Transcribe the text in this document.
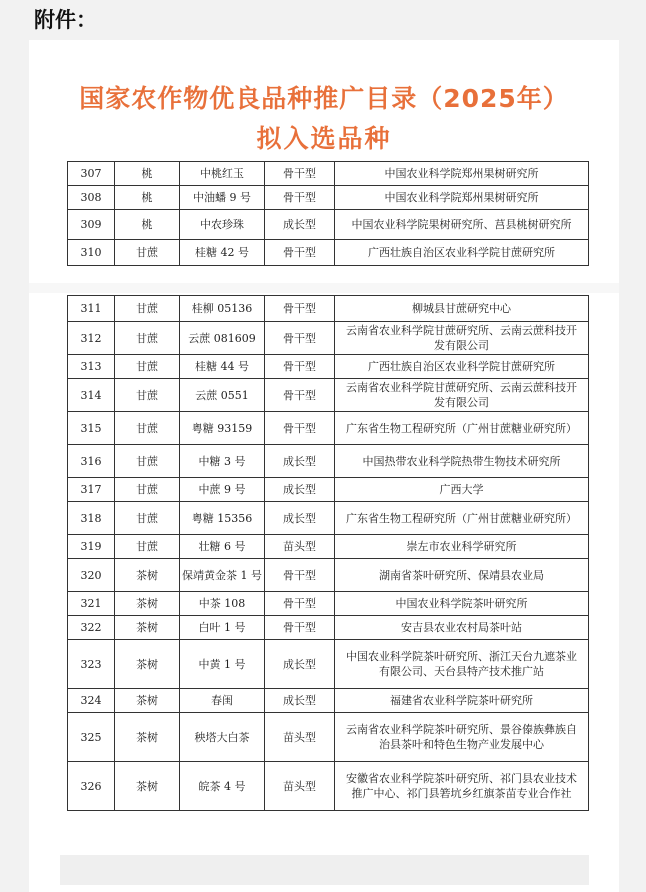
附件：
国家农作物优良品种推广目录（2025年）
拟入选品种
307	桃	中桃红玉	骨干型	中国农业科学院郑州果树研究所
308	桃	中油蟠 9 号	骨干型	中国农业科学院郑州果树研究所
309	桃	中农珍珠	成长型	中国农业科学院果树研究所、莒县桃树研究所
310	甘蔗	桂糖 42 号	骨干型	广西壮族自治区农业科学院甘蔗研究所
311	甘蔗	桂柳 05136	骨干型	柳城县甘蔗研究中心
312	甘蔗	云蔗 081609	骨干型	云南省农业科学院甘蔗研究所、云南云蔗科技开发有限公司
313	甘蔗	桂糖 44 号	骨干型	广西壮族自治区农业科学院甘蔗研究所
314	甘蔗	云蔗 0551	骨干型	云南省农业科学院甘蔗研究所、云南云蔗科技开发有限公司
315	甘蔗	粤糖 93159	骨干型	广东省生物工程研究所（广州甘蔗糖业研究所）
316	甘蔗	中糖 3 号	成长型	中国热带农业科学院热带生物技术研究所
317	甘蔗	中蔗 9 号	成长型	广西大学
318	甘蔗	粤糖 15356	成长型	广东省生物工程研究所（广州甘蔗糖业研究所）
319	甘蔗	壮糖 6 号	苗头型	崇左市农业科学研究所
320	茶树	保靖黄金茶 1 号	骨干型	湖南省茶叶研究所、保靖县农业局
321	茶树	中茶 108	骨干型	中国农业科学院茶叶研究所
322	茶树	白叶 1 号	骨干型	安吉县农业农村局茶叶站
323	茶树	中黄 1 号	成长型	中国农业科学院茶叶研究所、浙江天台九遮茶业有限公司、天台县特产技术推广站
324	茶树	春闺	成长型	福建省农业科学院茶叶研究所
325	茶树	秧塔大白茶	苗头型	云南省农业科学院茶叶研究所、景谷傣族彝族自治县茶叶和特色生物产业发展中心
326	茶树	皖茶 4 号	苗头型	安徽省农业科学院茶叶研究所、祁门县农业技术推广中心、祁门县箬坑乡红旗茶苗专业合作社
